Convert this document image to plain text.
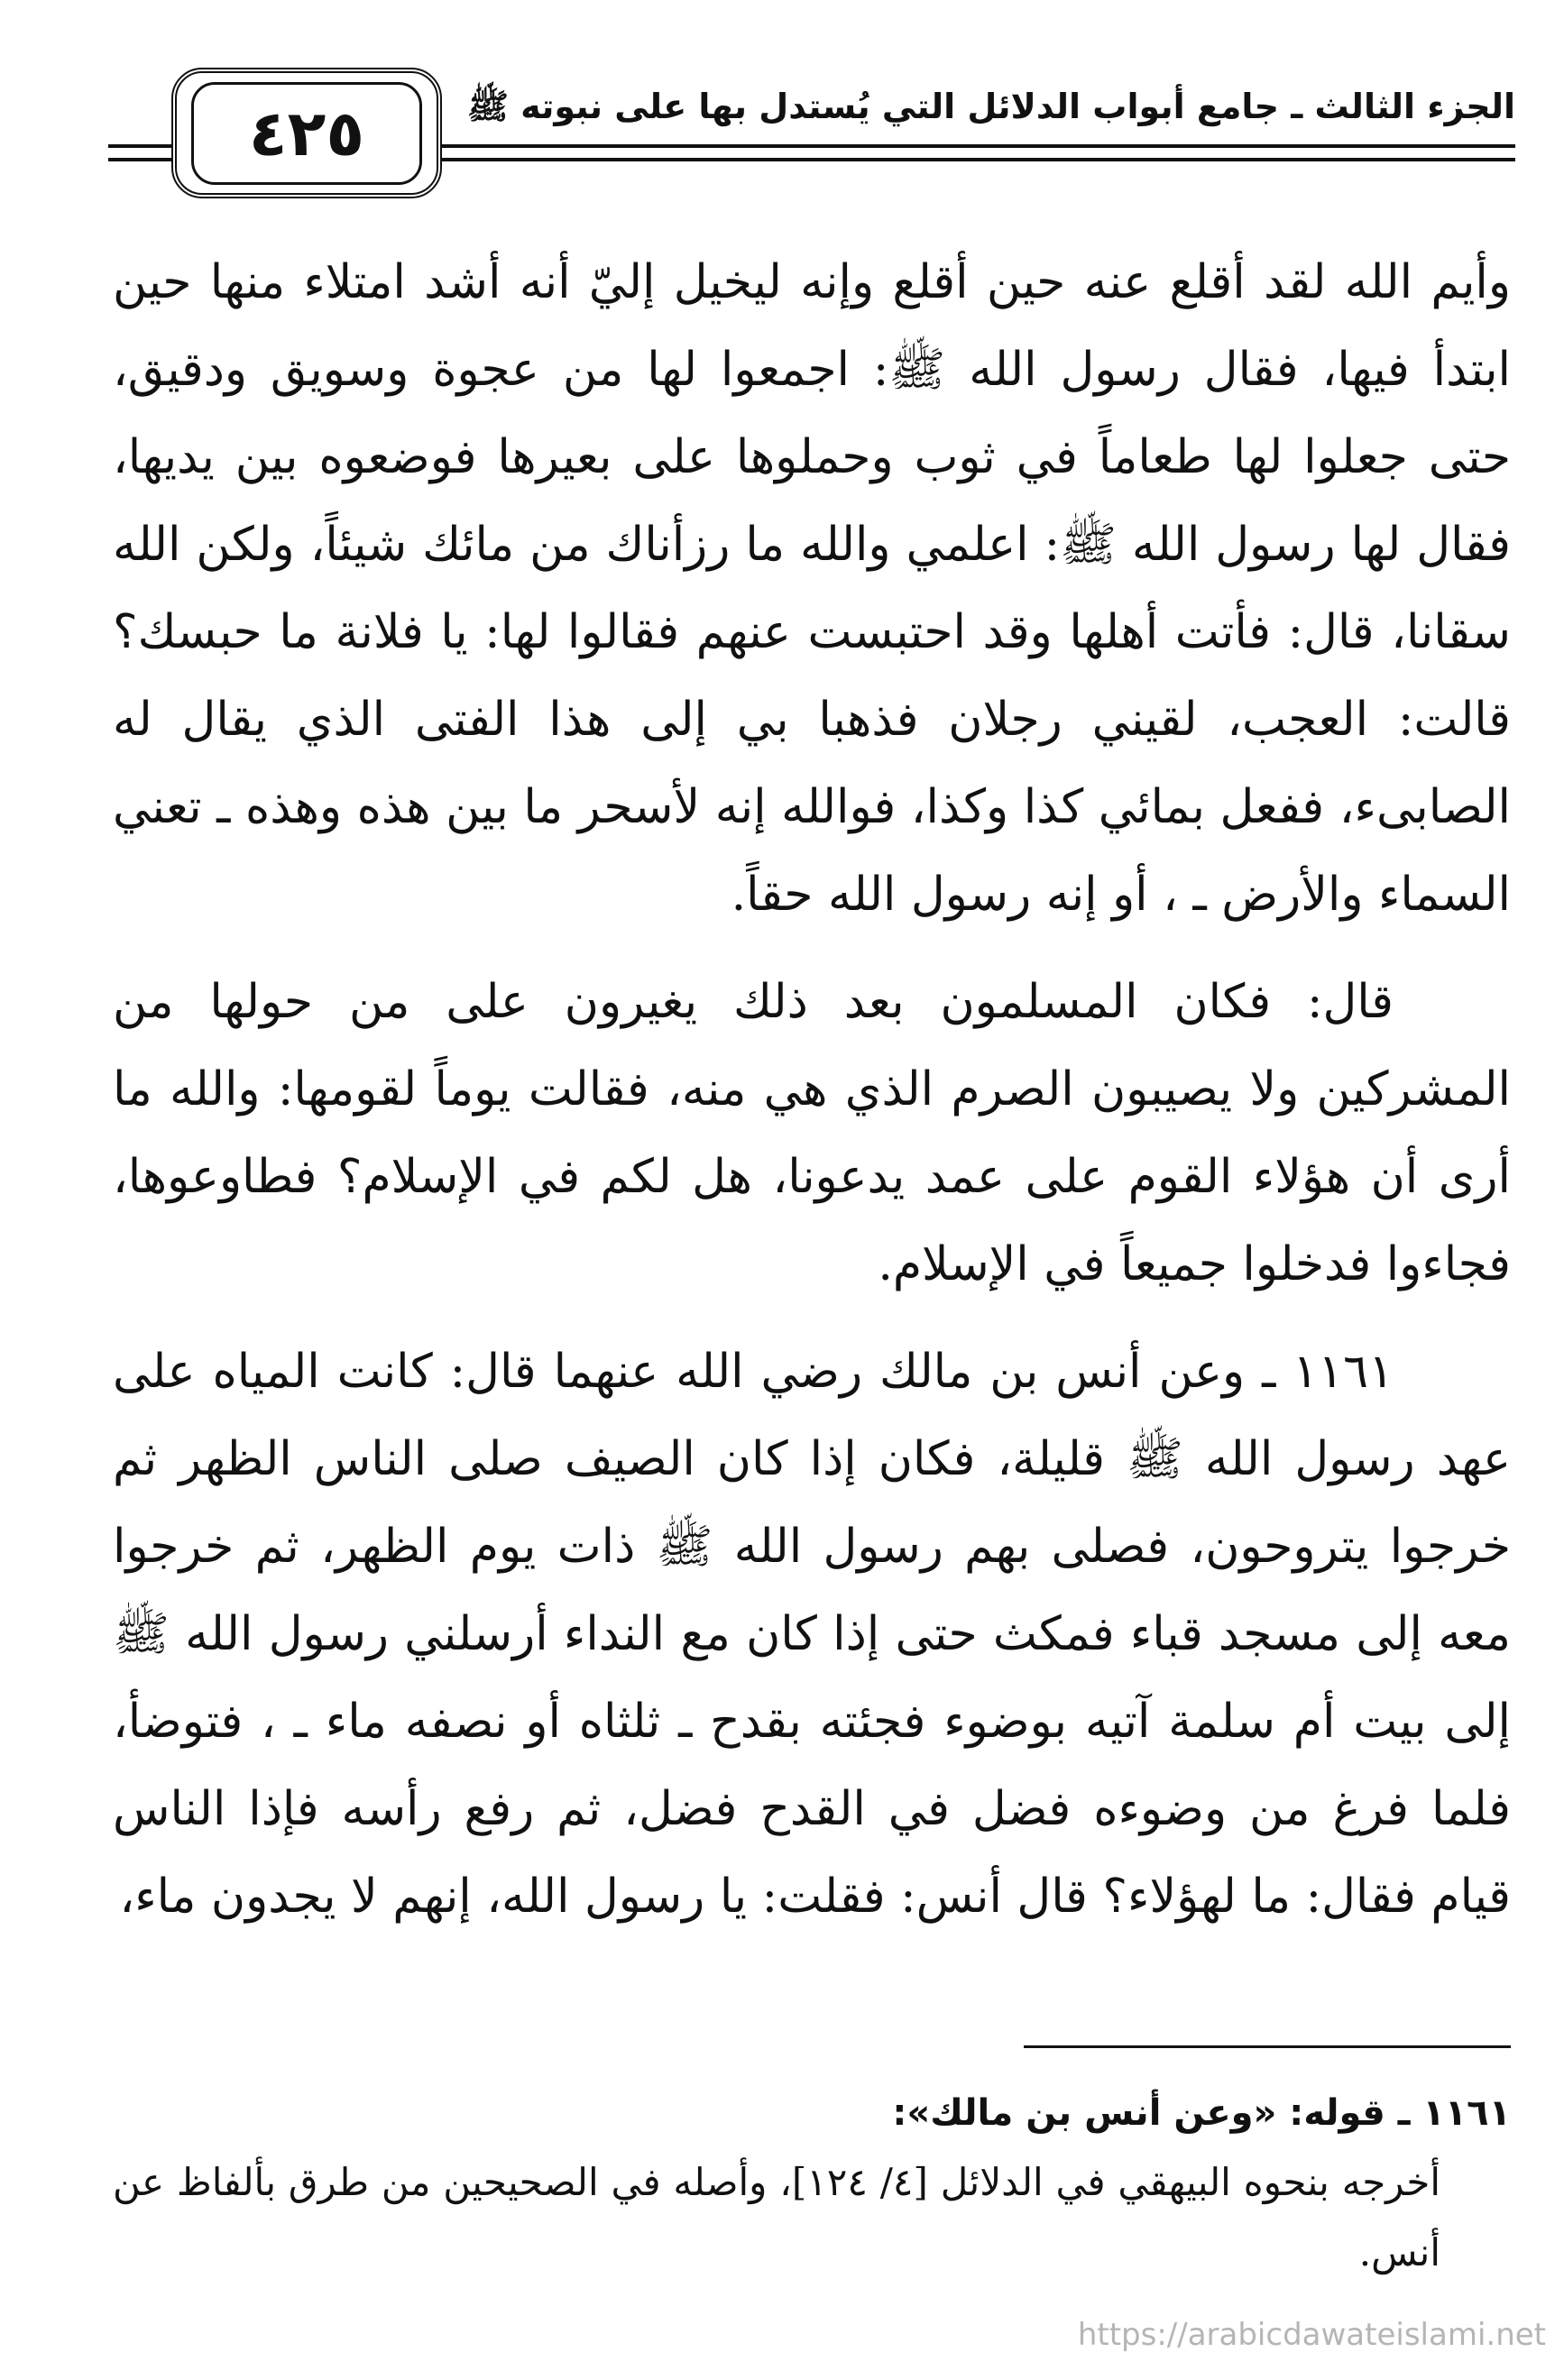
٤٢٥	الجزء الثالث ـ جامع أبواب الدلائل التي يُستدل بها على نبوته ﷺ

وأيم الله لقد أقلع عنه حين أقلع وإنه ليخيل إليّ أنه أشد امتلاء منها حين ابتدأ فيها، فقال رسول الله ﷺ: اجمعوا لها من عجوة وسويق ودقيق، حتى جعلوا لها طعاماً في ثوب وحملوها على بعيرها فوضعوه بين يديها، فقال لها رسول الله ﷺ: اعلمي والله ما رزأناك من مائك شيئاً، ولكن الله سقانا، قال: فأتت أهلها وقد احتبست عنهم فقالوا لها: يا فلانة ما حبسك؟ قالت: العجب، لقيني رجلان فذهبا بي إلى هذا الفتى الذي يقال له الصابىء، ففعل بمائي كذا وكذا، فوالله إنه لأسحر ما بين هذه وهذه ـ تعني السماء والأرض ـ ، أو إنه رسول الله حقاً.

قال: فكان المسلمون بعد ذلك يغيرون على من حولها من المشركين ولا يصيبون الصرم الذي هي منه، فقالت يوماً لقومها: والله ما أرى أن هؤلاء القوم على عمد يدعونا، هل لكم في الإسلام؟ فطاوعوها، فجاءوا فدخلوا جميعاً في الإسلام.

١١٦١ ـ وعن أنس بن مالك رضي الله عنهما قال: كانت المياه على عهد رسول الله ﷺ قليلة، فكان إذا كان الصيف صلى الناس الظهر ثم خرجوا يتروحون، فصلى بهم رسول الله ﷺ ذات يوم الظهر، ثم خرجوا معه إلى مسجد قباء فمكث حتى إذا كان مع النداء أرسلني رسول الله ﷺ إلى بيت أم سلمة آتيه بوضوء فجئته بقدح ـ ثلثاه أو نصفه ماء ـ ، فتوضأ، فلما فرغ من وضوءه فضل في القدح فضل، ثم رفع رأسه فإذا الناس قيام فقال: ما لهؤلاء؟ قال أنس: فقلت: يا رسول الله، إنهم لا يجدون ماء،

١١٦١ ـ قوله: «وعن أنس بن مالك»:

أخرجه بنحوه البيهقي في الدلائل [٤/ ١٢٤]، وأصله في الصحيحين من طرق بألفاظ عن أنس.

https://arabicdawateislami.net
